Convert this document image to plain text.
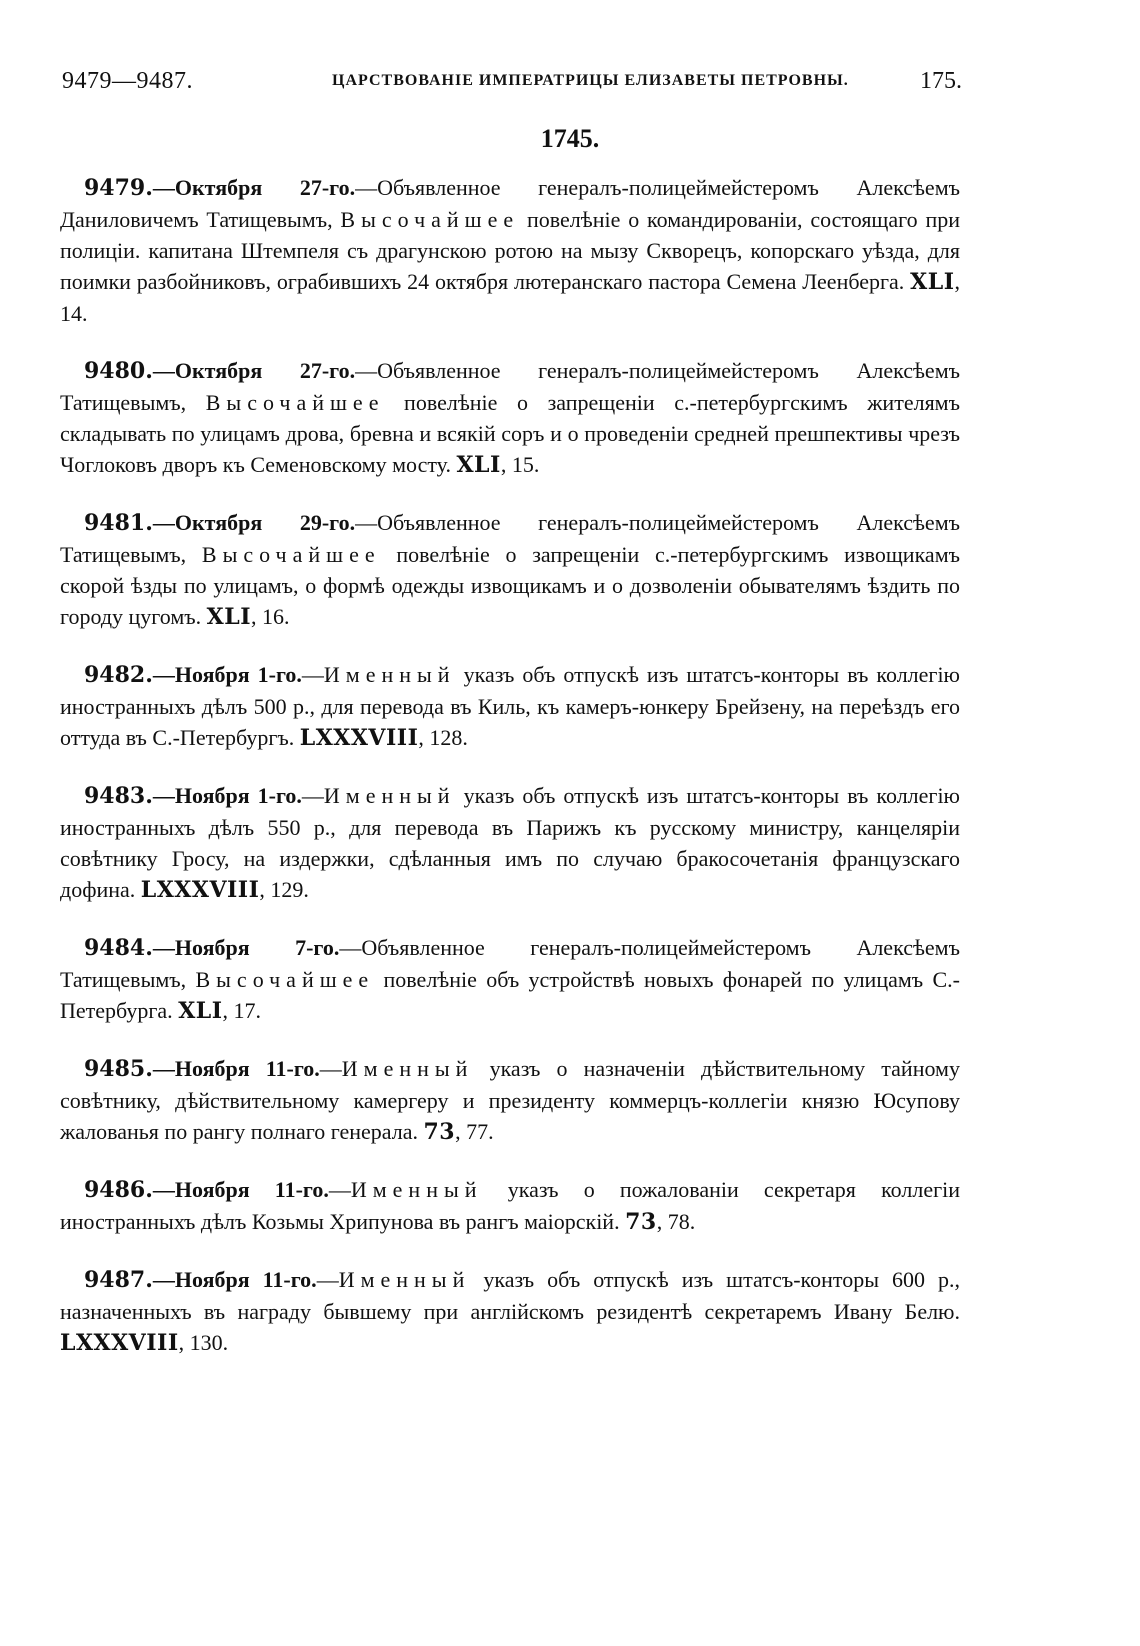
9479—9487.	ЦАРСТВОВАНІЕ ИМПЕРАТРИЦЫ ЕЛИЗАВЕТЫ ПЕТРОВНЫ.	175.
1745.

9479.—Октября 27-го.—Объявленное генералъ-полицеймейстеромъ Алексѣемъ Даниловичемъ Татищевымъ, Высочайшее повелѣніе о командированіи, состоящаго при полиціи. капитана Штемпеля съ драгунскою ротою на мызу Скворецъ, копорскаго уѣзда, для поимки разбойниковъ, ограбившихъ 24 октября лютеранскаго пастора Семена Леенберга. XLI, 14.

9480.—Октября 27-го.—Объявленное генералъ-полицеймейстеромъ Алексѣемъ Татищевымъ, Высочайшее повелѣніе о запрещеніи с.-петербургскимъ жителямъ складывать по улицамъ дрова, бревна и всякій соръ и о проведеніи средней прешпективы чрезъ Чоглоковъ дворъ къ Семеновскому мосту. XLI, 15.

9481.—Октября 29-го.—Объявленное генералъ-полицеймейстеромъ Алексѣемъ Татищевымъ, Высочайшее повелѣніе о запрещеніи с.-петербургскимъ извощикамъ скорой ѣзды по улицамъ, о формѣ одежды извощикамъ и о дозволеніи обывателямъ ѣздить по городу цугомъ. XLI, 16.

9482.—Ноября 1-го.—Именный указъ объ отпускѣ изъ штатсъ-конторы въ коллегію иностранныхъ дѣлъ 500 р., для перевода въ Киль, къ камеръ-юнкеру Брейзену, на переѣздъ его оттуда въ С.-Петербургъ. LXXXVIII, 128.

9483.—Ноября 1-го.—Именный указъ объ отпускѣ изъ штатсъ-конторы въ коллегію иностранныхъ дѣлъ 550 р., для перевода въ Парижъ къ русскому министру, канцеляріи совѣтнику Гросу, на издержки, сдѣланныя имъ по случаю бракосочетанія французскаго дофина. LXXXVIII, 129.

9484.—Ноября 7-го.—Объявленное генералъ-полицеймейстеромъ Алексѣемъ Татищевымъ, Высочайшее повелѣніе объ устройствѣ новыхъ фонарей по улицамъ С.-Петербурга. XLI, 17.

9485.—Ноября 11-го.—Именный указъ о назначеніи дѣйствительному тайному совѣтнику, дѣйствительному камергеру и президенту коммерцъ-коллегіи князю Юсупову жалованья по рангу полнаго генерала. 73, 77.

9486.—Ноября 11-го.—Именный указъ о пожалованіи секретаря коллегіи иностранныхъ дѣлъ Козьмы Хрипунова въ рангъ маіорскій. 73, 78.

9487.—Ноября 11-го.—Именный указъ объ отпускѣ изъ штатсъ-конторы 600 р., назначенныхъ въ награду бывшему при англійскомъ резидентѣ секретаремъ Ивану Белю. LXXXVIII, 130.
